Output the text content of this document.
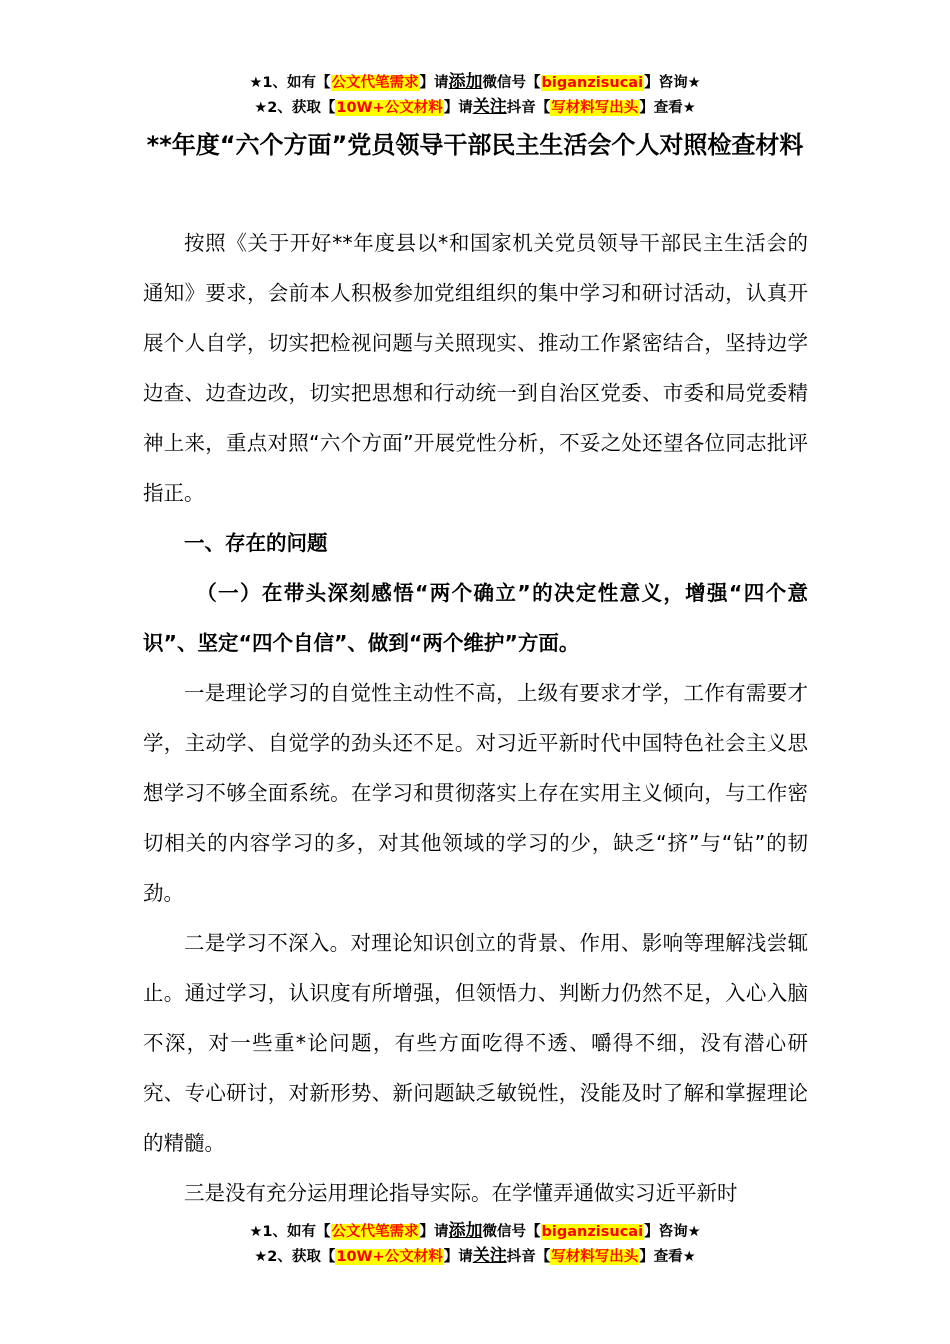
★1、如有【公文代笔需求】请添加微信号【biganzisucai】咨询★
★2、获取【10W+公文材料】请关注抖音【写材料写出头】查看★
**年度“六个方面”党员领导干部民主生活会个人对照检查材料

按照《关于开好**年度县以*和国家机关党员领导干部民主生活会的通知》要求，会前本人积极参加党组组织的集中学习和研讨活动，认真开展个人自学，切实把检视问题与关照现实、推动工作紧密结合，坚持边学边查、边查边改，切实把思想和行动统一到自治区党委、市委和局党委精神上来，重点对照“六个方面”开展党性分析，不妥之处还望各位同志批评指正。

一、存在的问题

（一）在带头深刻感悟“两个确立”的决定性意义，增强“四个意识”、坚定“四个自信”、做到“两个维护”方面。

一是理论学习的自觉性主动性不高，上级有要求才学，工作有需要才学，主动学、自觉学的劲头还不足。对习近平新时代中国特色社会主义思想学习不够全面系统。在学习和贯彻落实上存在实用主义倾向，与工作密切相关的内容学习的多，对其他领域的学习的少，缺乏“挤”与“钻”的韧劲。

二是学习不深入。对理论知识创立的背景、作用、影响等理解浅尝辄止。通过学习，认识度有所增强，但领悟力、判断力仍然不足，入心入脑不深，对一些重*论问题，有些方面吃得不透、嚼得不细，没有潜心研究、专心研讨，对新形势、新问题缺乏敏锐性，没能及时了解和掌握理论的精髓。

三是没有充分运用理论指导实际。在学懂弄通做实习近平新时

★1、如有【公文代笔需求】请添加微信号【biganzisucai】咨询★
★2、获取【10W+公文材料】请关注抖音【写材料写出头】查看★
